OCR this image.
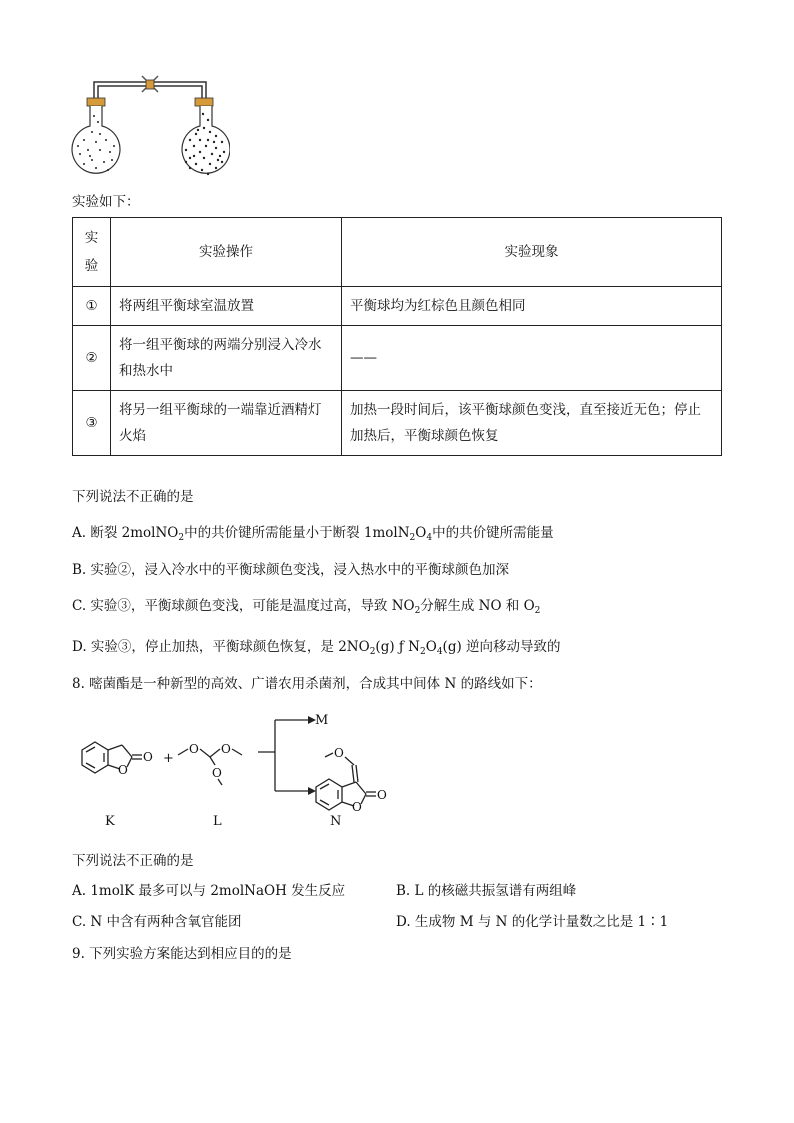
实验如下：
实
验	实验操作	实验现象
①	将两组平衡球室温放置	平衡球均为红棕色且颜色相同
②	将一组平衡球的两端分别浸入冷水和热水中	——
③	将另一组平衡球的一端靠近酒精灯火焰	加热一段时间后，该平衡球颜色变浅，直至接近无色；停止加热后，平衡球颜色恢复
下列说法不正确的是
A. 断裂 2molNO$_2$中的共价键所需能量小于断裂 $1molN_2O_4$中的共价键所需能量
B. 实验②，浸入冷水中的平衡球颜色变浅，浸入热水中的平衡球颜色加深
C. 实验③，平衡球颜色变浅，可能是温度过高，导致 $NO_2$分解生成 NO 和 $O_2$
D. 实验③，停止加热，平衡球颜色恢复，是 $2NO_2(g)$ ƒ $N_2O_4(g)$ 逆向移动导致的
8. 嘧菌酯是一种新型的高效、广谱农用杀菌剂，合成其中间体 N 的路线如下：
O
O +
O O
O
M
O
O
O
K	L	N
下列说法不正确的是
A. 1molK 最多可以与 2molNaOH 发生反应	B. L 的核磁共振氢谱有两组峰
C. N 中含有两种含氧官能团	D. 生成物 M 与 N 的化学计量数之比是 1∶1
9. 下列实验方案能达到相应目的的是
